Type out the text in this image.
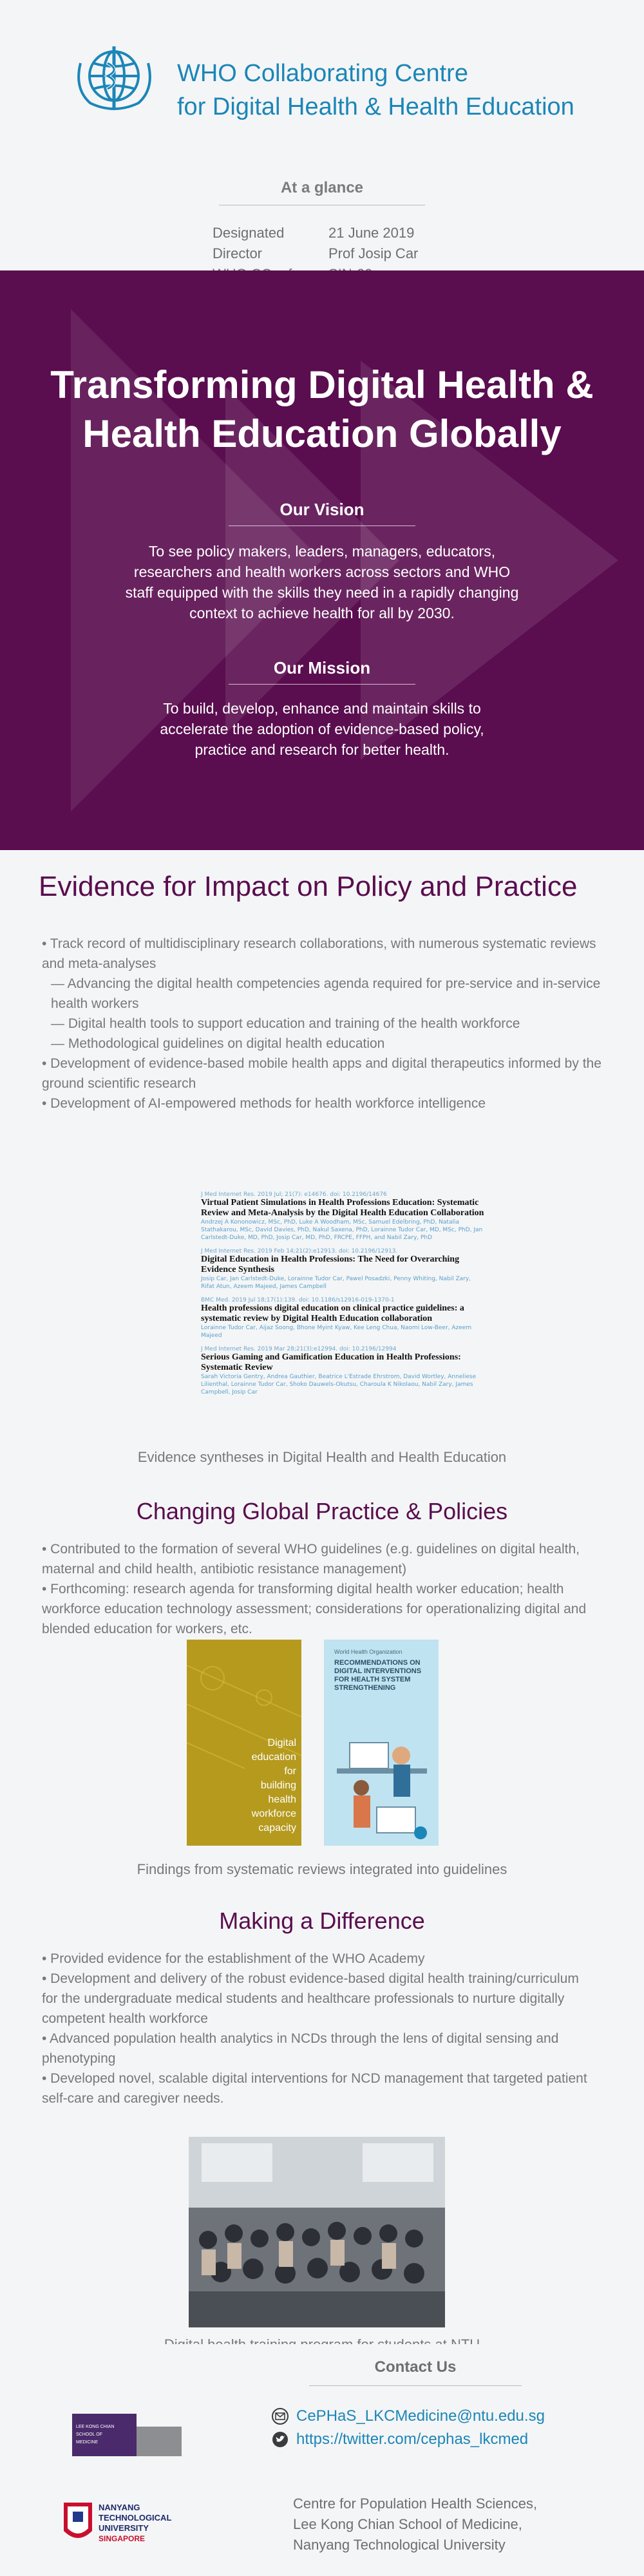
WHO Collaborating Centre
for Digital Health & Health Education
At a glance
Designated	21 June 2019
Director	Prof Josip Car
Transforming Digital Health &
Health Education Globally
Our Vision
To see policy makers, leaders, managers, educators, researchers and health workers across sectors and WHO staff equipped with the skills they need in a rapidly changing context to achieve health for all by 2030.
Our Mission
To build, develop, enhance and maintain skills to accelerate the adoption of evidence-based policy, practice and research for better health.
Evidence for Impact on Policy and Practice
• Track record of multidisciplinary research collaborations, with numerous systematic reviews and meta-analyses
— Advancing the digital health competencies agenda required for pre-service and in-service health workers
— Digital health tools to support education and training of the health workforce
— Methodological guidelines on digital health education
• Development of evidence-based mobile health apps and digital therapeutics informed by the ground scientific research
• Development of AI-empowered methods for health workforce intelligence
J Med Internet Res. 2019 Jul; 21(7): e14676. doi: 10.2196/14676
Virtual Patient Simulations in Health Professions Education: Systematic Review and Meta-Analysis by the Digital Health Education Collaboration
Andrzej A Kononowicz, MSc, PhD, Luke A Woodham, MSc, Samuel Edelbring, PhD, Natalia Stathakarou, MSc, David Davies, PhD, Nakul Saxena, PhD, Lorainne Tudor Car, MD, MSc, PhD, Jan Carlstedt-Duke, MD, PhD, Josip Car, MD, PhD, FRCPE, FFPH, and Nabil Zary, PhD
J Med Internet Res. 2019 Feb 14;21(2):e12913. doi: 10.2196/12913.
Digital Education in Health Professions: The Need for Overarching Evidence Synthesis
Josip Car, Jan Carlstedt-Duke, Lorainne Tudor Car, Pawel Posadzki, Penny Whiting, Nabil Zary, Rifat Atun, Azeem Majeed, James Campbell
BMC Med. 2019 Jul 18;17(1):139. doi: 10.1186/s12916-019-1370-1
Health professions digital education on clinical practice guidelines: a systematic review by Digital Health Education collaboration
Lorainne Tudor Car, Aijaz Soong, Bhone Myint Kyaw, Kee Leng Chua, Naomi Low-Beer, Azeem Majeed
J Med Internet Res. 2019 Mar 28;21(3):e12994. doi: 10.2196/12994
Serious Gaming and Gamification Education in Health Professions: Systematic Review
Sarah Victoria Gentry, Andrea Gauthier, Beatrice L'Estrade Ehrstrom, David Wortley, Anneliese Lilienthal, Lorainne Tudor Car, Shoko Dauwels-Okutsu, Charoula K Nikolaou, Nabil Zary, James Campbell, Josip Car
Evidence syntheses in Digital Health and Health Education
Changing Global Practice & Policies
• Contributed to the formation of several WHO guidelines (e.g. guidelines on digital health, maternal and child health, antibiotic resistance management)
• Forthcoming: research agenda for transforming digital health worker education; health workforce education technology assessment; considerations for operationalizing digital and blended education for workers, etc.
Digital education for building health workforce capacity
World Health Organization
RECOMMENDATIONS ON DIGITAL INTERVENTIONS FOR HEALTH SYSTEM STRENGTHENING
Findings from systematic reviews integrated into guidelines
Making a Difference
• Provided evidence for the establishment of the WHO Academy
• Development and delivery of the robust evidence-based digital health training/curriculum for the undergraduate medical students and healthcare professionals to nurture digitally competent health workforce
• Advanced population health analytics in NCDs through the lens of digital sensing and phenotyping
• Developed novel, scalable digital interventions for NCD management that targeted patient self-care and caregiver needs.
Contact Us
LEE KONG CHIAN
SCHOOL OF
MEDICINE
NANYANG
TECHNOLOGICAL
UNIVERSITY
SINGAPORE
CePHaS_LKCMedicine@ntu.edu.sg
https://twitter.com/cephas_lkcmed
Centre for Population Health Sciences,
Lee Kong Chian School of Medicine,
Nanyang Technological University
